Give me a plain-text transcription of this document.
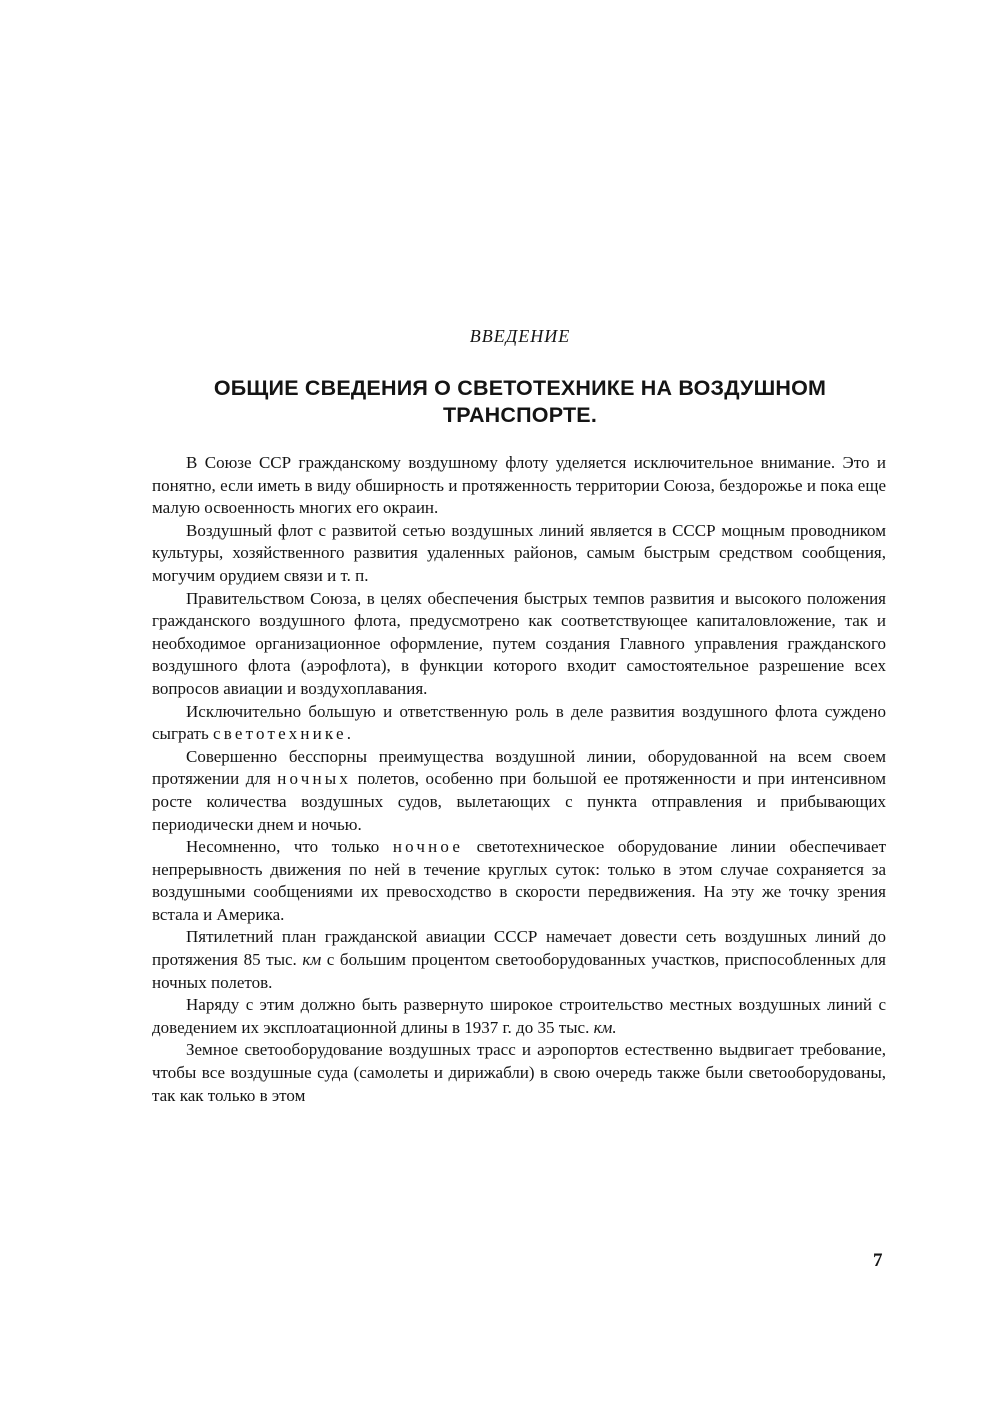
ВВЕДЕНИЕ
ОБЩИЕ СВЕДЕНИЯ О СВЕТОТЕХНИКЕ НА ВОЗДУШНОМ ТРАНСПОРТЕ.

В Союзе ССР гражданскому воздушному флоту уделяется исключительное внимание. Это и понятно, если иметь в виду обширность и протяженность территории Союза, бездорожье и пока еще малую освоенность многих его окраин.

Воздушный флот с развитой сетью воздушных линий является в СССР мощным проводником культуры, хозяйственного развития удаленных районов, самым быстрым средством сообщения, могучим орудием связи и т. п.

Правительством Союза, в целях обеспечения быстрых темпов развития и высокого положения гражданского воздушного флота, предусмотрено как соответствующее капиталовложение, так и необходимое организационное оформление, путем создания Главного управления гражданского воздушного флота (аэрофлота), в функции которого входит самостоятельное разрешение всех вопросов авиации и воздухоплавания.

Исключительно большую и ответственную роль в деле развития воздушного флота суждено сыграть светотехнике.

Совершенно бесспорны преимущества воздушной линии, оборудованной на всем своем протяжении для ночных полетов, особенно при большой ее протяженности и при интенсивном росте количества воздушных судов, вылетающих с пункта отправления и прибывающих периодически днем и ночью.

Несомненно, что только ночное светотехническое оборудование линии обеспечивает непрерывность движения по ней в течение круглых суток: только в этом случае сохраняется за воздушными сообщениями их превосходство в скорости передвижения. На эту же точку зрения встала и Америка.

Пятилетний план гражданской авиации СССР намечает довести сеть воздушных линий до протяжения 85 тыс. км с большим процентом светооборудованных участков, приспособленных для ночных полетов.

Наряду с этим должно быть развернуто широкое строительство местных воздушных линий с доведением их эксплоатационной длины в 1937 г. до 35 тыс. км.

Земное светооборудование воздушных трасс и аэропортов естественно выдвигает требование, чтобы все воздушные суда (самолеты и дирижабли) в свою очередь также были светооборудованы, так как только в этом

7
